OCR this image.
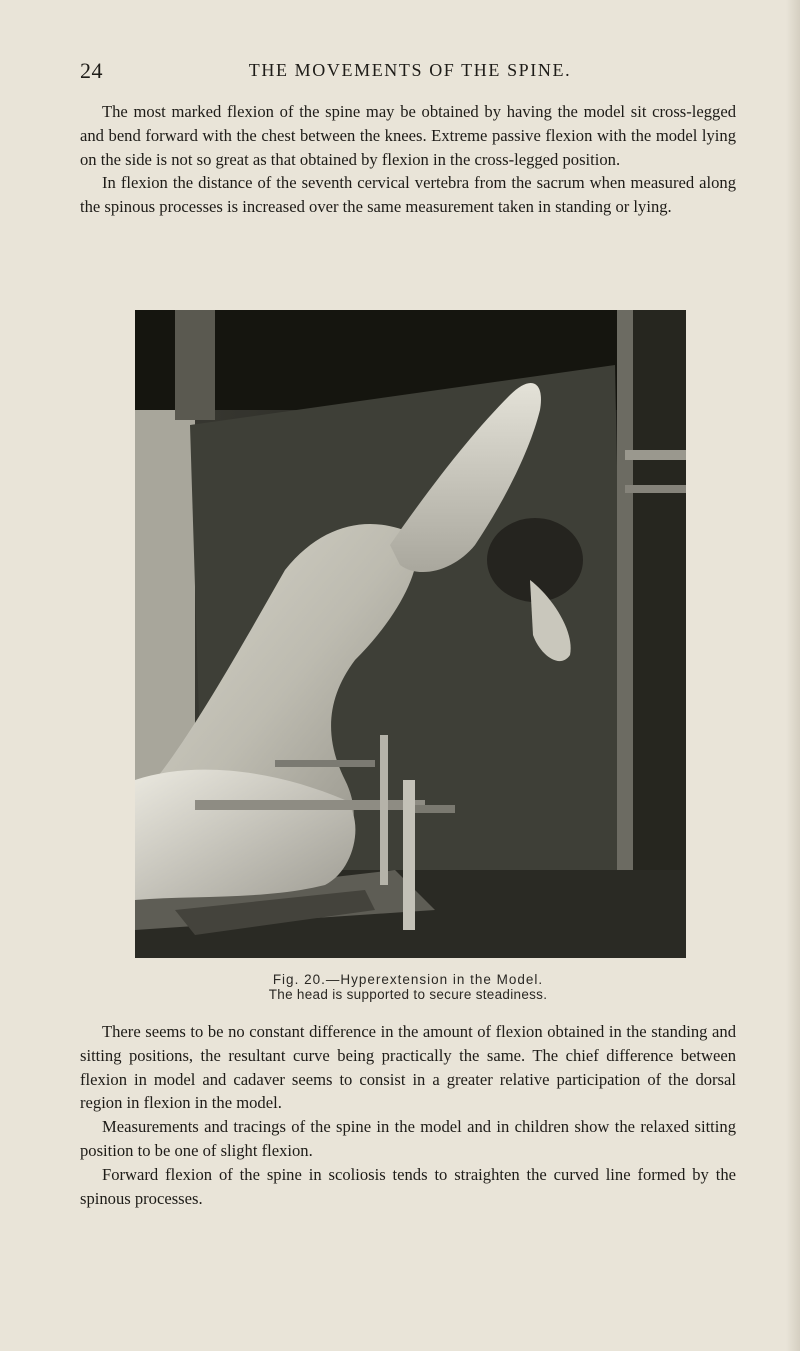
24	THE MOVEMENTS OF THE SPINE.

The most marked flexion of the spine may be obtained by having the model sit cross-legged and bend forward with the chest between the knees. Extreme passive flexion with the model lying on the side is not so great as that obtained by flexion in the cross-legged position.

In flexion the distance of the seventh cervical vertebra from the sacrum when measured along the spinous processes is increased over the same measurement taken in standing or lying.

Fig. 20.—Hyperextension in the Model.
The head is supported to secure steadiness.

There seems to be no constant difference in the amount of flexion obtained in the standing and sitting positions, the resultant curve being practically the same. The chief difference between flexion in model and cadaver seems to consist in a greater relative participation of the dorsal region in flexion in the model.

Measurements and tracings of the spine in the model and in children show the relaxed sitting position to be one of slight flexion.

Forward flexion of the spine in scoliosis tends to straighten the curved line formed by the spinous processes.
